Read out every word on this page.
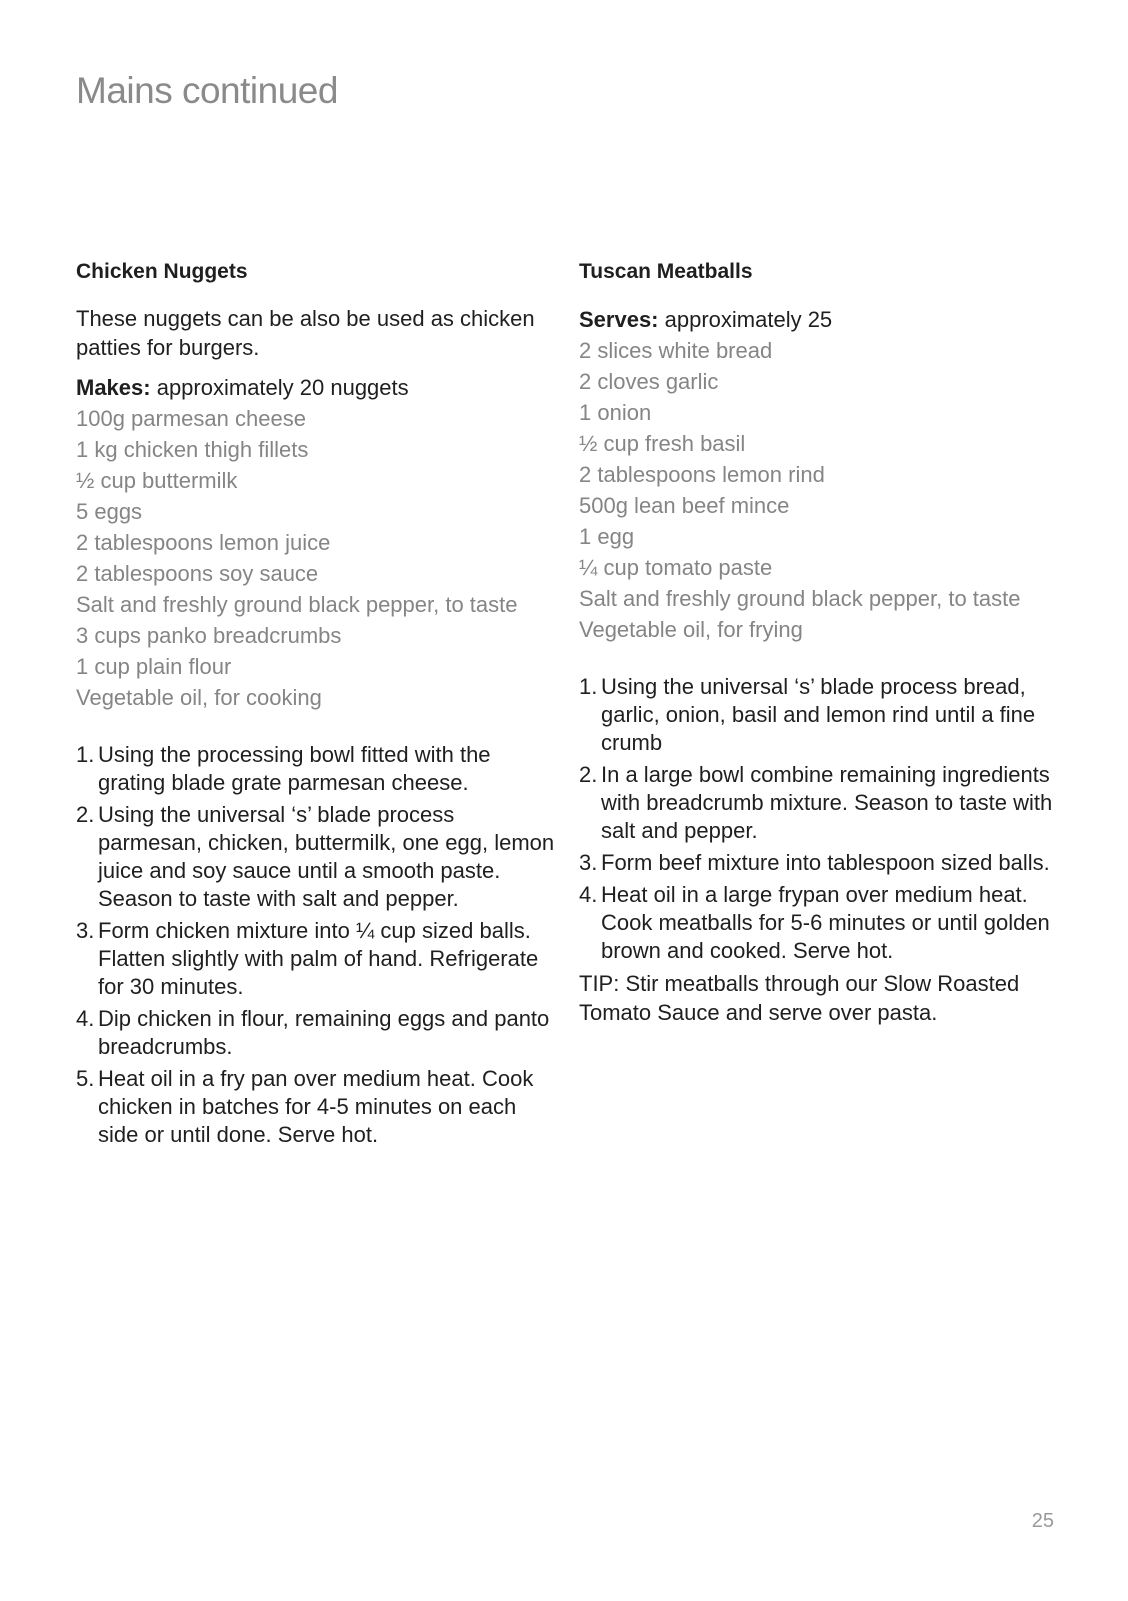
Mains continued
Chicken Nuggets

These nuggets can be also be used as chicken patties for burgers.

Makes: approximately 20 nuggets

100g parmesan cheese
1 kg chicken thigh fillets
½ cup buttermilk
5 eggs
2 tablespoons lemon juice
2 tablespoons soy sauce
Salt and freshly ground black pepper, to taste
3 cups panko breadcrumbs
1 cup plain flour
Vegetable oil, for cooking
1. Using the processing bowl fitted with the grating blade grate parmesan cheese.
2. Using the universal ‘s’ blade process parmesan, chicken, buttermilk, one egg, lemon juice and soy sauce until a smooth paste. Season to taste with salt and pepper.
3. Form chicken mixture into ¼ cup sized balls. Flatten slightly with palm of hand. Refrigerate for 30 minutes.
4. Dip chicken in flour, remaining eggs and panto breadcrumbs.
5. Heat oil in a fry pan over medium heat. Cook chicken in batches for 4-5 minutes on each side or until done. Serve hot.
Tuscan Meatballs

Serves: approximately 25

2 slices white bread
2 cloves garlic
1 onion
½ cup fresh basil
2 tablespoons lemon rind
500g lean beef mince
1 egg
¼ cup tomato paste
Salt and freshly ground black pepper, to taste
Vegetable oil, for frying
1. Using the universal ‘s’ blade process bread, garlic, onion, basil and lemon rind until a fine crumb
2. In a large bowl combine remaining ingredients with breadcrumb mixture. Season to taste with salt and pepper.
3. Form beef mixture into tablespoon sized balls.
4. Heat oil in a large frypan over medium heat. Cook meatballs for 5-6 minutes or until golden brown and cooked. Serve hot.

TIP: Stir meatballs through our Slow Roasted Tomato Sauce and serve over pasta.

25
